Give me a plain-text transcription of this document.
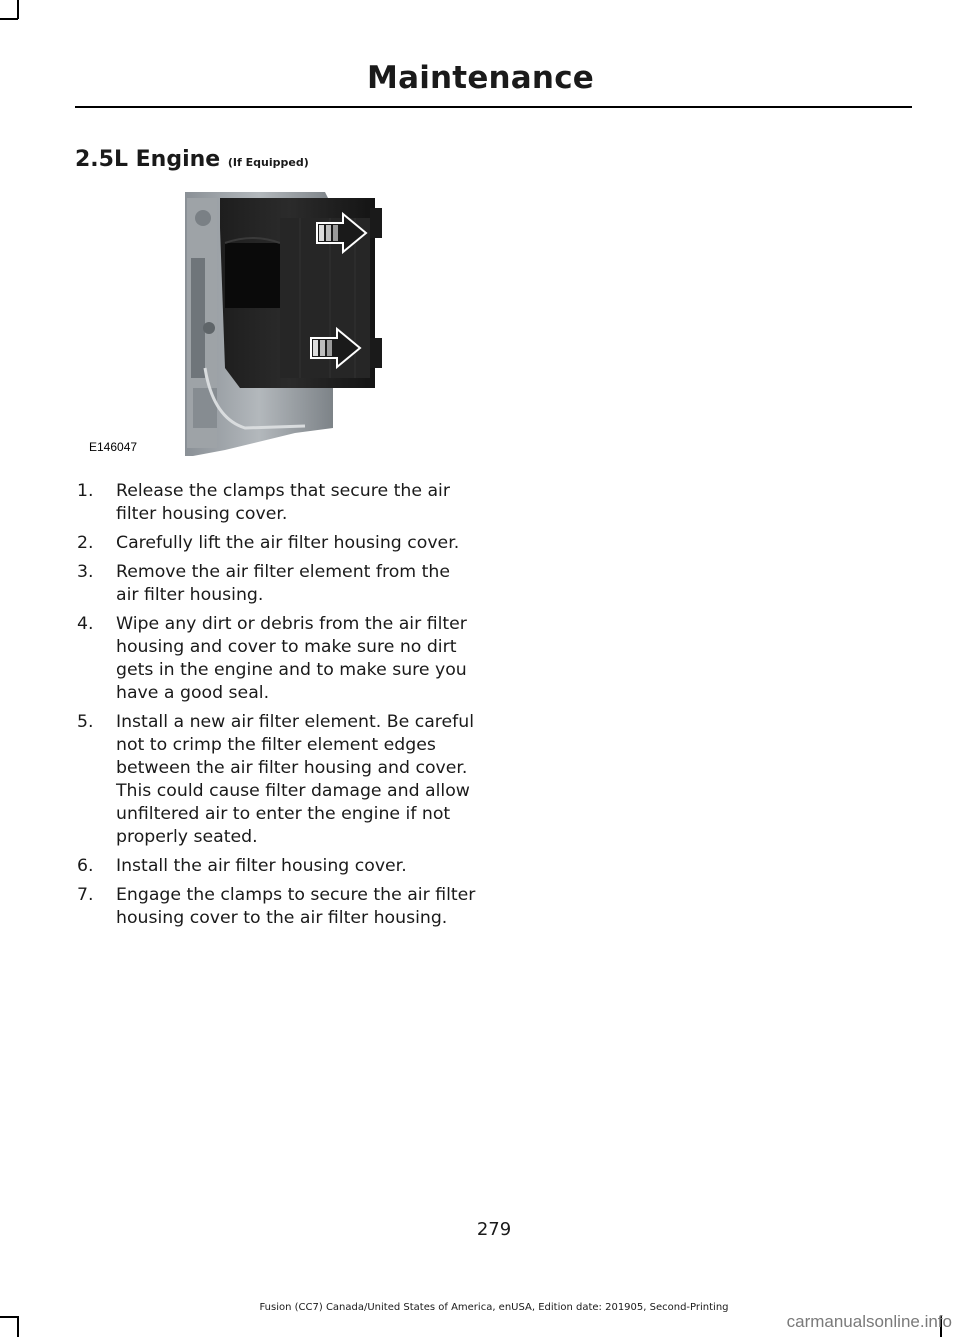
Maintenance
2.5L Engine (If Equipped)
E146047
1. Release the clamps that secure the air filter housing cover.
2. Carefully lift the air filter housing cover.
3. Remove the air filter element from the air filter housing.
4. Wipe any dirt or debris from the air filter housing and cover to make sure no dirt gets in the engine and to make sure you have a good seal.
5. Install a new air filter element. Be careful not to crimp the filter element edges between the air filter housing and cover. This could cause filter damage and allow unfiltered air to enter the engine if not properly seated.
6. Install the air filter housing cover.
7. Engage the clamps to secure the air filter housing cover to the air filter housing.
279
Fusion (CC7) Canada/United States of America, enUSA, Edition date: 201905, Second-Printing
carmanualsonline.info
